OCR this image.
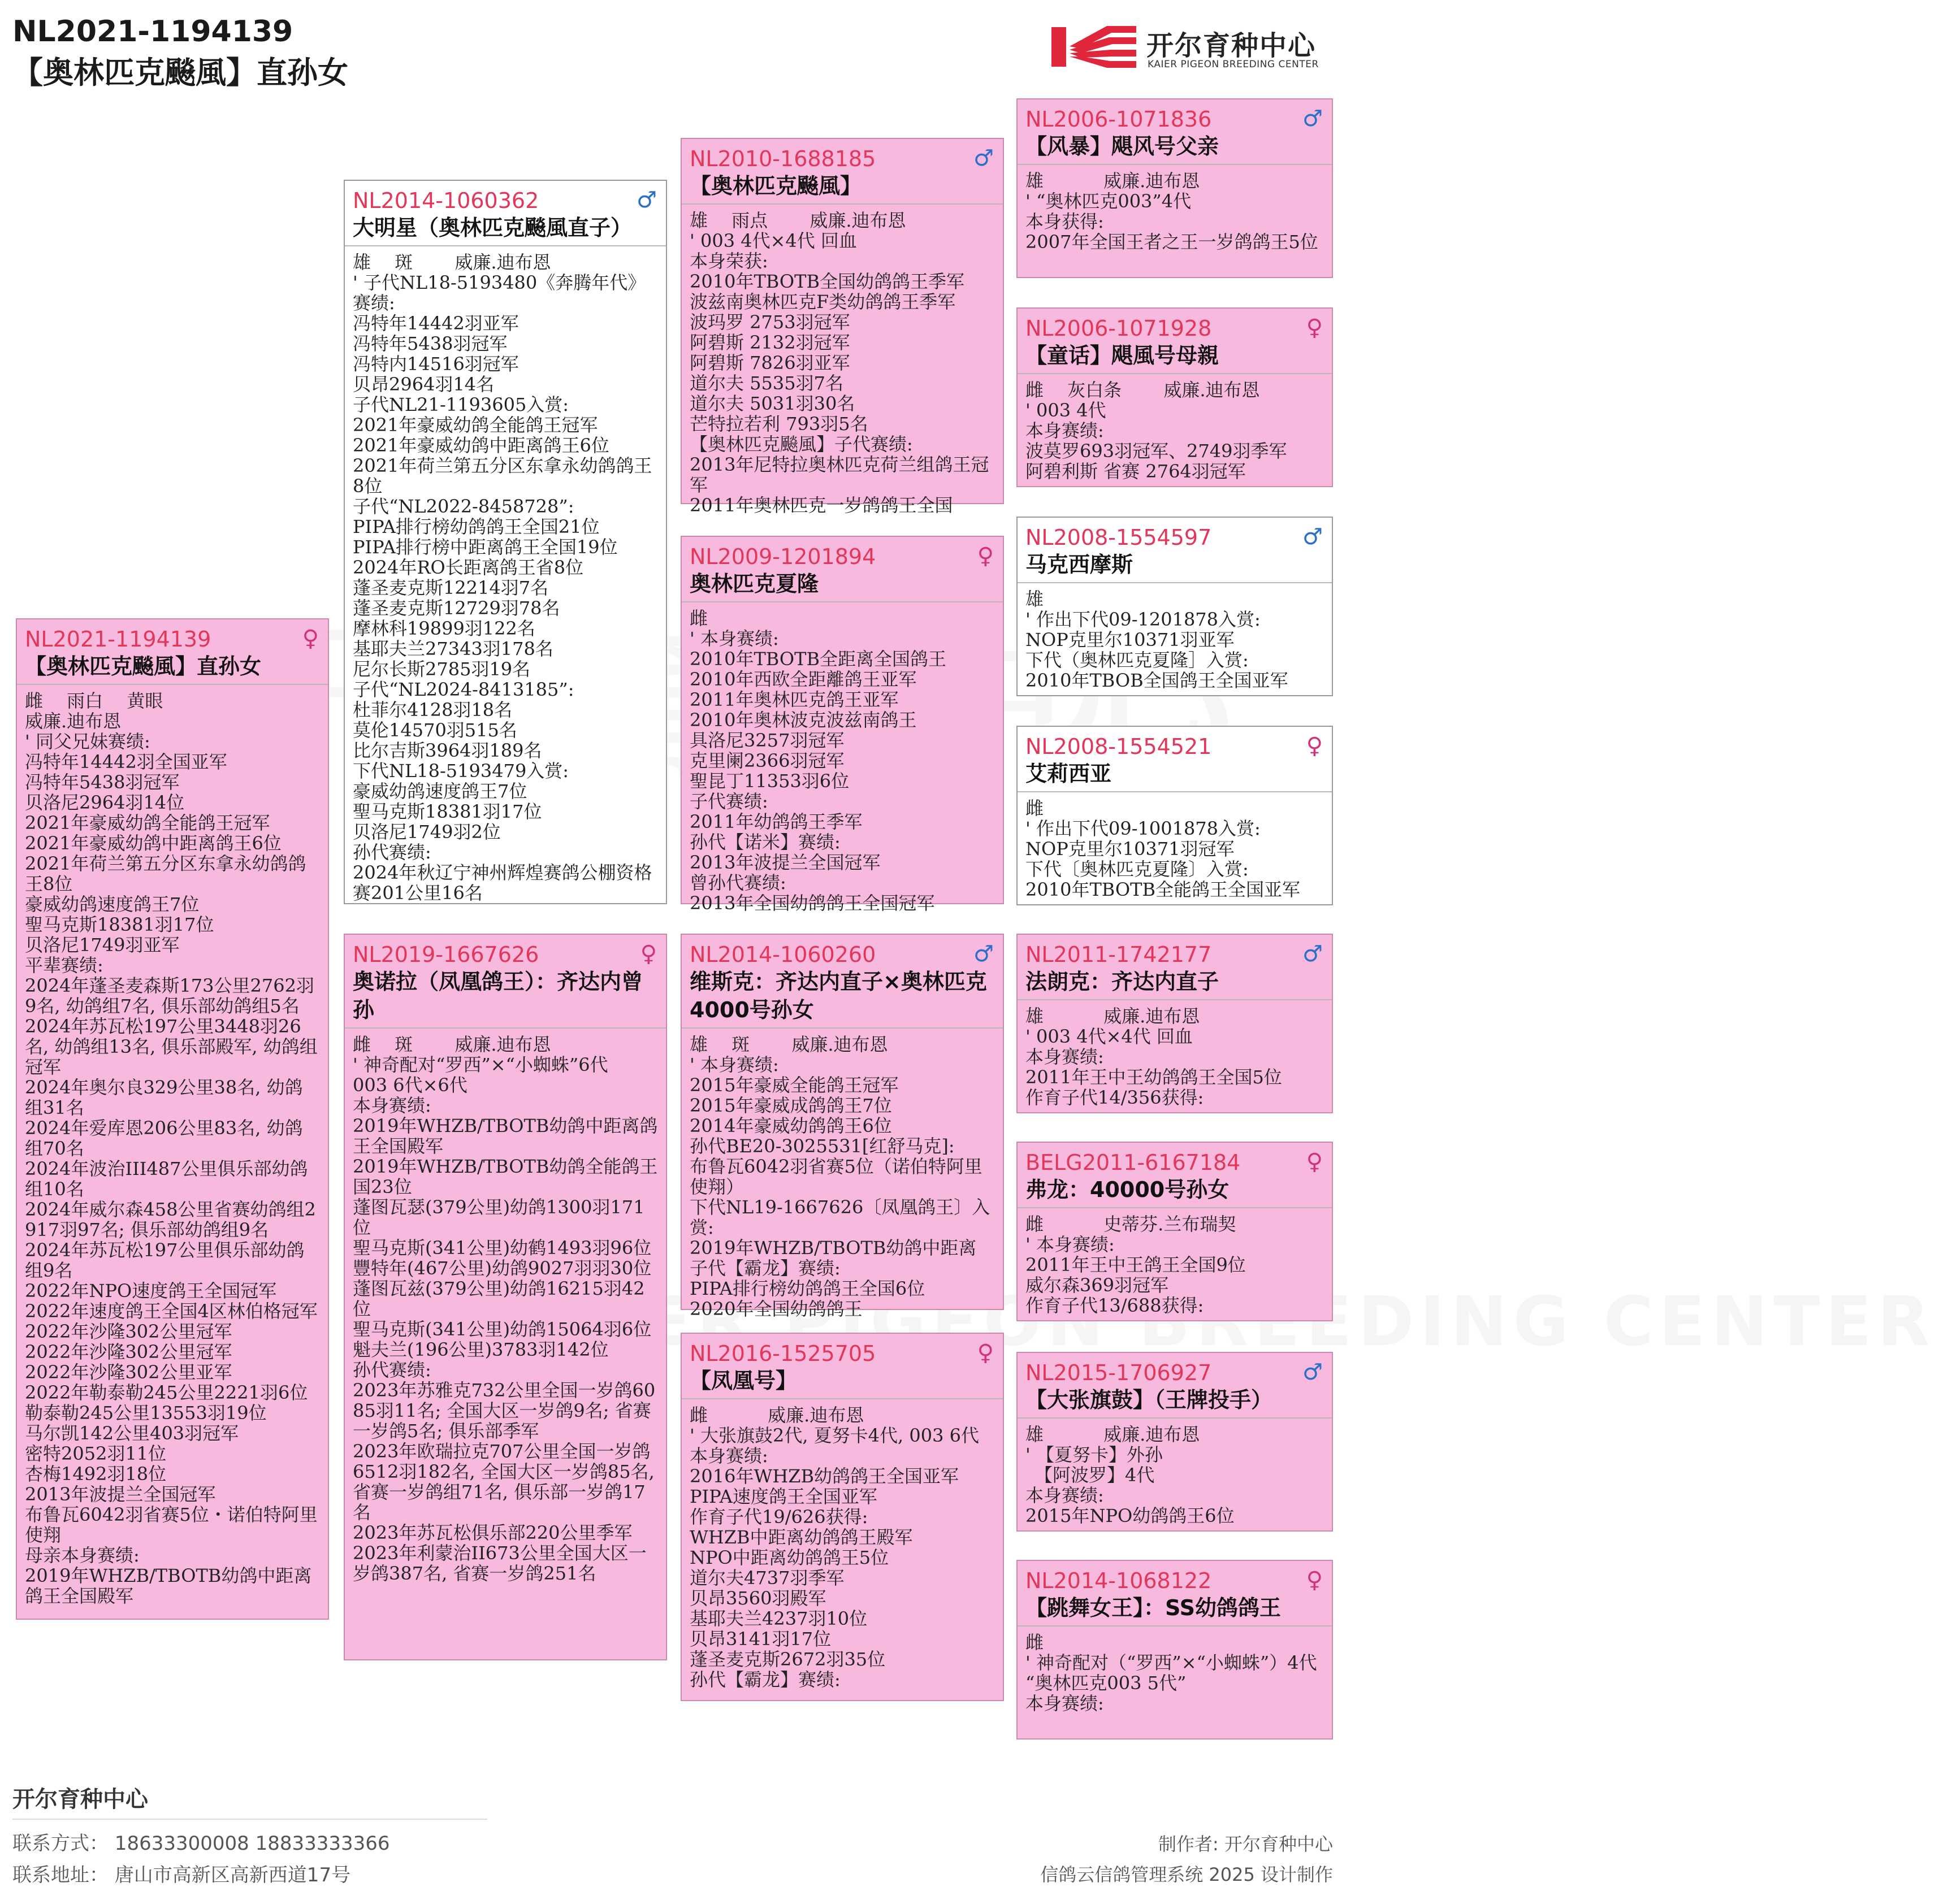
NL2021-1194139
【奥林匹克飈風】直孙女
开尔育种中心
KAIER PIGEON BREEDING CENTER
NL2021-1194139	♀
【奥林匹克飈風】直孙女
雌　 雨白　 黄眼
威廉.迪布恩
' 同父兄妹赛绩:
冯特年14442羽全国亚军
冯特年5438羽冠军
贝洛尼2964羽14位
2021年豪威幼鸽全能鸽王冠军
2021年豪威幼鸽中距离鸽王6位
2021年荷兰第五分区东拿永幼鸽鸽王8位
豪威幼鸽速度鸽王7位
聖马克斯18381羽17位
贝洛尼1749羽亚军
平辈赛绩:
2024年蓬圣麦森斯173公里2762羽9名, 幼鸽组7名, 俱乐部幼鸽组5名
2024年苏瓦松197公里3448羽26名, 幼鸽组13名, 俱乐部殿军, 幼鸽组冠军
2024年奥尔良329公里38名, 幼鸽组31名
2024年爱库恩206公里83名, 幼鸽组70名
2024年波治III487公里俱乐部幼鸽组10名
2024年威尔森458公里省赛幼鸽组2917羽97名; 俱乐部幼鸽组9名
2024年苏瓦松197公里俱乐部幼鸽组9名
2022年NPO速度鸽王全国冠军
2022年速度鸽王全国4区林伯格冠军
2022年沙隆302公里冠军
2022年沙隆302公里冠军
2022年沙隆302公里亚军
2022年勒泰勒245公里2221羽6位
勒泰勒245公里13553羽19位
马尔凯142公里403羽冠军
密特2052羽11位
杏梅1492羽18位
2013年波提兰全国冠军
布鲁瓦6042羽省赛5位・诺伯特阿里使翔
母亲本身赛绩:
2019年WHZB/TBOTB幼鸽中距离鸽王全国殿军
NL2014-1060362	♂
大明星（奥林匹克飈風直子）
雄　 斑　　 威廉.迪布恩
' 子代NL18-5193480《奔腾年代》
赛绩:
冯特年14442羽亚军
冯特年5438羽冠军
冯特内14516羽冠军
贝昂2964羽14名
子代NL21-1193605入赏:
2021年豪威幼鸽全能鸽王冠军
2021年豪威幼鸽中距离鸽王6位
2021年荷兰第五分区东拿永幼鸽鸽王8位
子代“NL2022-8458728”:
PIPA排行榜幼鸽鸽王全国21位
PIPA排行榜中距离鸽王全国19位
2024年RO长距离鸽王省8位
蓬圣麦克斯12214羽7名
蓬圣麦克斯12729羽78名
摩林科19899羽122名
基耶夫兰27343羽178名
尼尔长斯2785羽19名
子代“NL2024-8413185”:
杜菲尔4128羽18名
莫伦14570羽515名
比尔吉斯3964羽189名
下代NL18-5193479入赏:
豪威幼鸽速度鸽王7位
聖马克斯18381羽17位
贝洛尼1749羽2位
孙代赛绩:
2024年秋辽宁神州辉煌赛鸽公棚资格赛201公里16名
NL2019-1667626	♀
奥诺拉（凤凰鸽王）：齐达内曾孙
雌　 斑　　 威廉.迪布恩
' 神奇配对“罗西”×“小蜘蛛”6代
003 6代×6代
本身赛绩:
2019年WHZB/TBOTB幼鸽中距离鸽王全国殿军
2019年WHZB/TBOTB幼鸽全能鸽王国23位
蓬图瓦瑟(379公里)幼鸽1300羽171位
聖马克斯(341公里)幼鹤1493羽96位
豐特年(467公里)幼鸽9027羽羽30位
蓬图瓦兹(379公里)幼鸽16215羽42位
聖马克斯(341公里)幼鸽15064羽6位
魁夫兰(196公里)3783羽142位
孙代赛绩:
2023年苏雅克732公里全国一岁鸽6085羽11名; 全国大区一岁鸽9名; 省赛一岁鸽5名; 俱乐部季军
2023年欧瑞拉克707公里全国一岁鸽6512羽182名, 全国大区一岁鸽85名, 省赛一岁鸽组71名, 俱乐部一岁鸽17名
2023年苏瓦松俱乐部220公里季军
2023年利蒙治II673公里全国大区一岁鸽387名, 省赛一岁鸽251名
NL2010-1688185	♂
【奥林匹克飈風】
雄　 雨点　　 威廉.迪布恩
' 003 4代×4代 回血
本身荣获:
2010年TBOTB全国幼鸽鸽王季军
波兹南奥林匹克F类幼鸽鸽王季军
波玛罗 2753羽冠军
阿碧斯 2132羽冠军
阿碧斯 7826羽亚军
道尔夫 5535羽7名
道尔夫 5031羽30名
芒特拉若利 793羽5名
【奥林匹克飈風】子代赛绩:
2013年尼特拉奥林匹克荷兰组鸽王冠军
2011年奥林匹克一岁鸽鸽王全国
NL2009-1201894	♀
奥林匹克夏隆
雌
' 本身赛绩:
2010年TBOTB全距离全国鸽王
2010年西欧全距離鸽王亚军
2011年奥林匹克鸽王亚军
2010年奥林波克波兹南鸽王
具洛尼3257羽冠军
克里阑2366羽冠军
聖昆丁11353羽6位
子代赛绩:
2011年幼鸽鸽王季军
孙代【诺米】赛绩:
2013年波提兰全国冠军
曾孙代赛绩:
2013年全国幼鸽鸽王全国冠军
NL2014-1060260	♂
维斯克：齐达内直子×奥林匹克4000号孙女
雄　 斑　　 威廉.迪布恩
' 本身赛绩:
2015年豪威全能鸽王冠军
2015年豪威成鸽鸽王7位
2014年豪威幼鸽鸽王6位
孙代BE20-3025531[红舒马克]:
布鲁瓦6042羽省赛5位（诺伯特阿里使翔）
下代NL19-1667626〔凤凰鸽王〕入赏:
2019年WHZB/TBOTB幼鸽中距离
子代【霸龙】赛绩:
PIPA排行榜幼鸽鸽王全国6位
2020年全国幼鸽鸽王
NL2016-1525705	♀
【凤凰号】
雌　　　 威廉.迪布恩
' 大张旗鼓2代, 夏努卡4代, 003 6代
本身赛绩:
2016年WHZB幼鸽鸽王全国亚军
PIPA速度鸽王全国亚军
作育子代19/626获得:
WHZB中距离幼鸽鸽王殿军
NPO中距离幼鸽鸽王5位
道尔夫4737羽季军
贝昂3560羽殿军
基耶夫兰4237羽10位
贝昂3141羽17位
蓬圣麦克斯2672羽35位
孙代【霸龙】赛绩:
NL2006-1071836	♂
【风暴】飓风号父亲
雄　　　 威廉.迪布恩
' “奥林匹克003”4代
本身获得:
2007年全国王者之王一岁鸽鸽王5位
NL2006-1071928	♀
【童话】飓風号母親
雌　 灰白条　　 威廉.迪布恩
' 003 4代
本身赛绩:
波莫罗693羽冠军、2749羽季军
阿碧利斯 省赛 2764羽冠军
NL2008-1554597	♂
马克西摩斯
雄
' 作出下代09-1201878入赏:
NOP克里尔10371羽亚军
下代（奥林匹克夏隆］入赏:
2010年TBOB全国鸽王全国亚军
NL2008-1554521	♀
艾莉西亚
雌
' 作出下代09-1001878入赏:
NOP克里尔10371羽冠军
下代〔奥林匹克夏隆〕入赏:
2010年TBOTB全能鸽王全国亚军
NL2011-1742177	♂
法朗克：齐达内直子
雄　　　 威廉.迪布恩
' 003 4代×4代 回血
本身赛绩:
2011年王中王幼鸽鸽王全国5位
作育子代14/356获得:
BELG2011-6167184	♀
弗龙：40000号孙女
雌　　　 史蒂芬.兰布瑞契
' 本身赛绩:
2011年王中王鸽王全国9位
威尔森369羽冠军
作育子代13/688获得:
NL2015-1706927	♂
【大张旗鼓】（王牌投手）
雄　　　 威廉.迪布恩
' 【夏努卡】外孙
　【阿波罗】4代
本身赛绩:
2015年NPO幼鸽鸽王6位
NL2014-1068122	♀
【跳舞女王】：SS幼鸽鸽王
雌
' 神奇配对（“罗西”×“小蜘蛛”）4代
“奥林匹克003 5代”
本身赛绩:
开尔育种中心
联系方式： 18633300008 18833333366
联系地址： 唐山市高新区高新西道17号
制作者: 开尔育种中心
信鸽云信鸽管理系统 2025 设计制作
